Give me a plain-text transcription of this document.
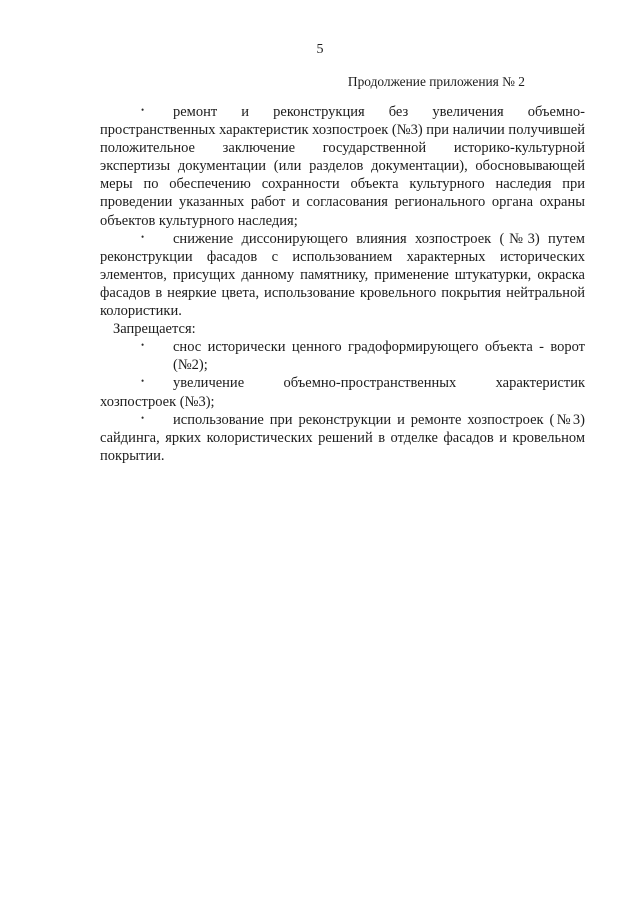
5
Продолжение приложения № 2
• ремонт и реконструкция без увеличения объемно-пространственных характеристик хозпостроек (№3) при наличии получившей положительное заключение государственной историко-культурной экспертизы документации (или разделов документации), обосновывающей меры по обеспечению сохранности объекта культурного наследия при проведении указанных работ и согласования регионального органа охраны объектов культурного наследия;
• снижение диссонирующего влияния хозпостроек (№3) путем реконструкции фасадов с использованием характерных исторических элементов, присущих данному памятнику, применение штукатурки, окраска фасадов в неяркие цвета, использование кровельного покрытия нейтральной колористики.
Запрещается:
• снос исторически ценного градоформирующего объекта - ворот (№2);
• увеличение объемно-пространственных характеристик хозпостроек (№3);
• использование при реконструкции и ремонте хозпостроек (№3) сайдинга, ярких колористических решений в отделке фасадов и кровельном покрытии.
